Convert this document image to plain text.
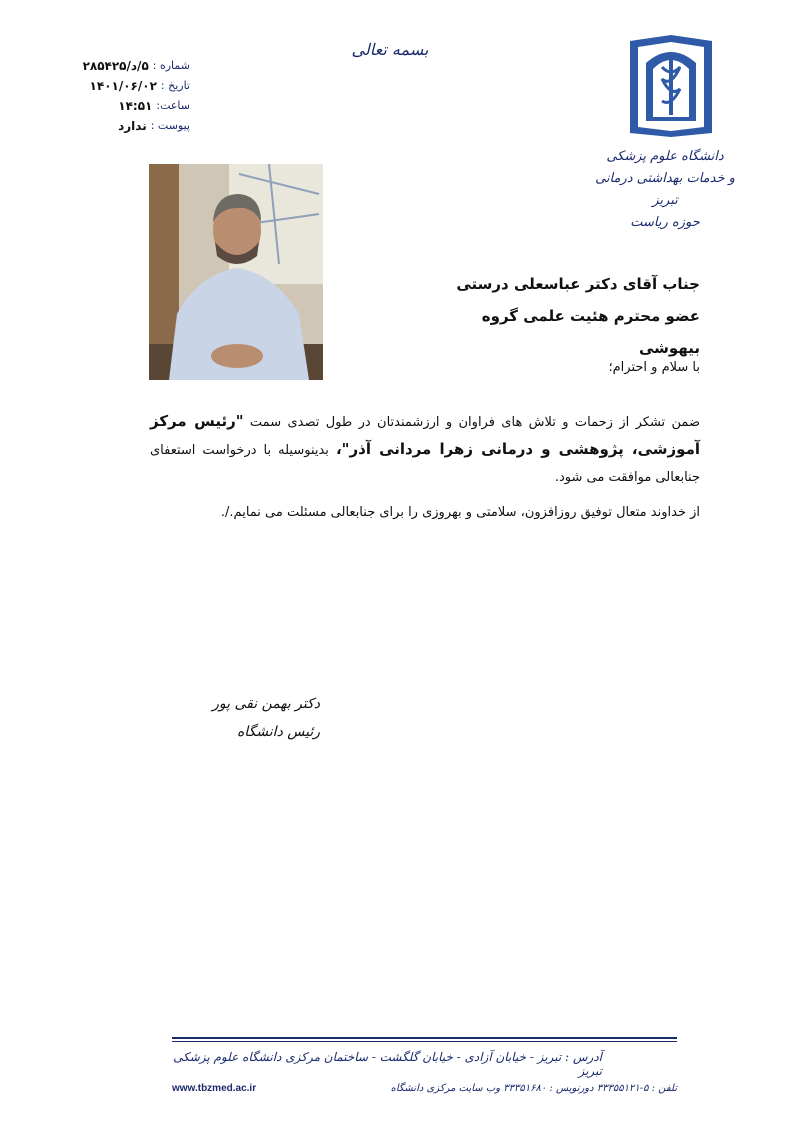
بسمه تعالی
شماره :
۵/د/۲۸۵۴۲۵
تاریخ :
۱۴۰۱/۰۶/۰۲
ساعت:
۱۴:۵۱
پیوست :
ندارد
دانشگاه علوم پزشکی
و خدمات بهداشتی درمانی تبریز
حوزه ریاست
جناب آقای دکتر عباسعلی درستی
عضو محترم هئیت علمی گروه بیهوشی
با سلام و احترام؛
ضمن تشکر از زحمات و تلاش های فراوان و ارزشمندتان در طول تصدی سمت "رئیس مرکز آموزشی، پژوهشی و درمانی زهرا مردانی آذر"، بدینوسیله با درخواست استعفای جنابعالی موافقت می شود.
از خداوند متعال توفیق روزافزون، سلامتی و بهروزی را برای جنابعالی مسئلت می نمایم./.
دکتر بهمن نقی پور
رئیس دانشگاه
آدرس : تبریز - خیابان آزادی - خیابان گلگشت - ساختمان مرکزی دانشگاه علوم پزشکی تبریز
www.tbzmed.ac.ir	تلفن : ۵-۳۳۳۵۵۱۲۱ دورنویس : ۳۳۳۵۱۶۸۰ وب سایت مرکزی دانشگاه
